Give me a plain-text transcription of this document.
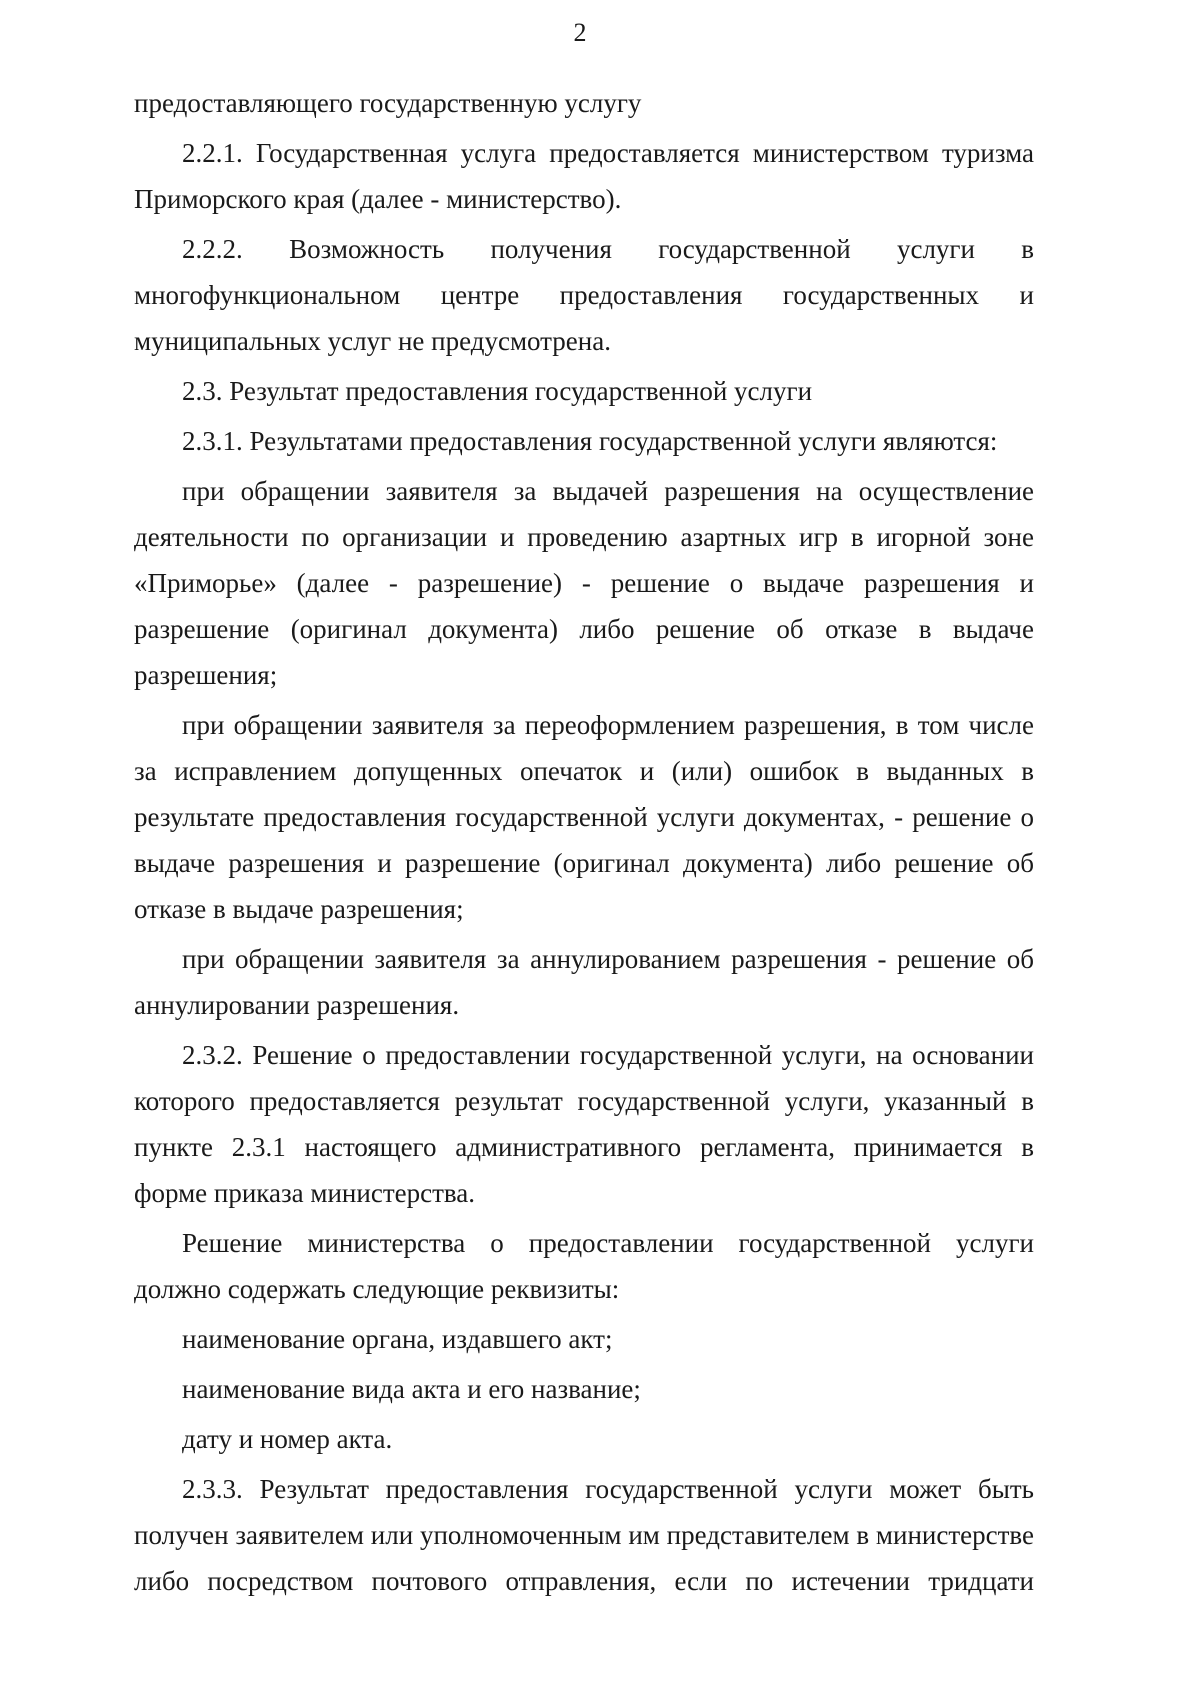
2

предоставляющего государственную услугу

2.2.1. Государственная услуга предоставляется министерством туризма Приморского края (далее - министерство).

2.2.2. Возможность получения государственной услуги в многофункциональном центре предоставления государственных и муниципальных услуг не предусмотрена.

2.3. Результат предоставления государственной услуги

2.3.1. Результатами предоставления государственной услуги являются:

при обращении заявителя за выдачей разрешения на осуществление деятельности по организации и проведению азартных игр в игорной зоне «Приморье» (далее - разрешение) - решение о выдаче разрешения и разрешение (оригинал документа) либо решение об отказе в выдаче разрешения;

при обращении заявителя за переоформлением разрешения, в том числе за исправлением допущенных опечаток и (или) ошибок в выданных в результате предоставления государственной услуги документах, - решение о выдаче разрешения и разрешение (оригинал документа) либо решение об отказе в выдаче разрешения;

при обращении заявителя за аннулированием разрешения - решение об аннулировании разрешения.

2.3.2. Решение о предоставлении государственной услуги, на основании которого предоставляется результат государственной услуги, указанный в пункте 2.3.1 настоящего административного регламента, принимается в форме приказа министерства.

Решение министерства о предоставлении государственной услуги должно содержать следующие реквизиты:

наименование органа, издавшего акт;

наименование вида акта и его название;

дату и номер акта.

2.3.3. Результат предоставления государственной услуги может быть получен заявителем или уполномоченным им представителем в министерстве либо посредством почтового отправления, если по истечении тридцати
